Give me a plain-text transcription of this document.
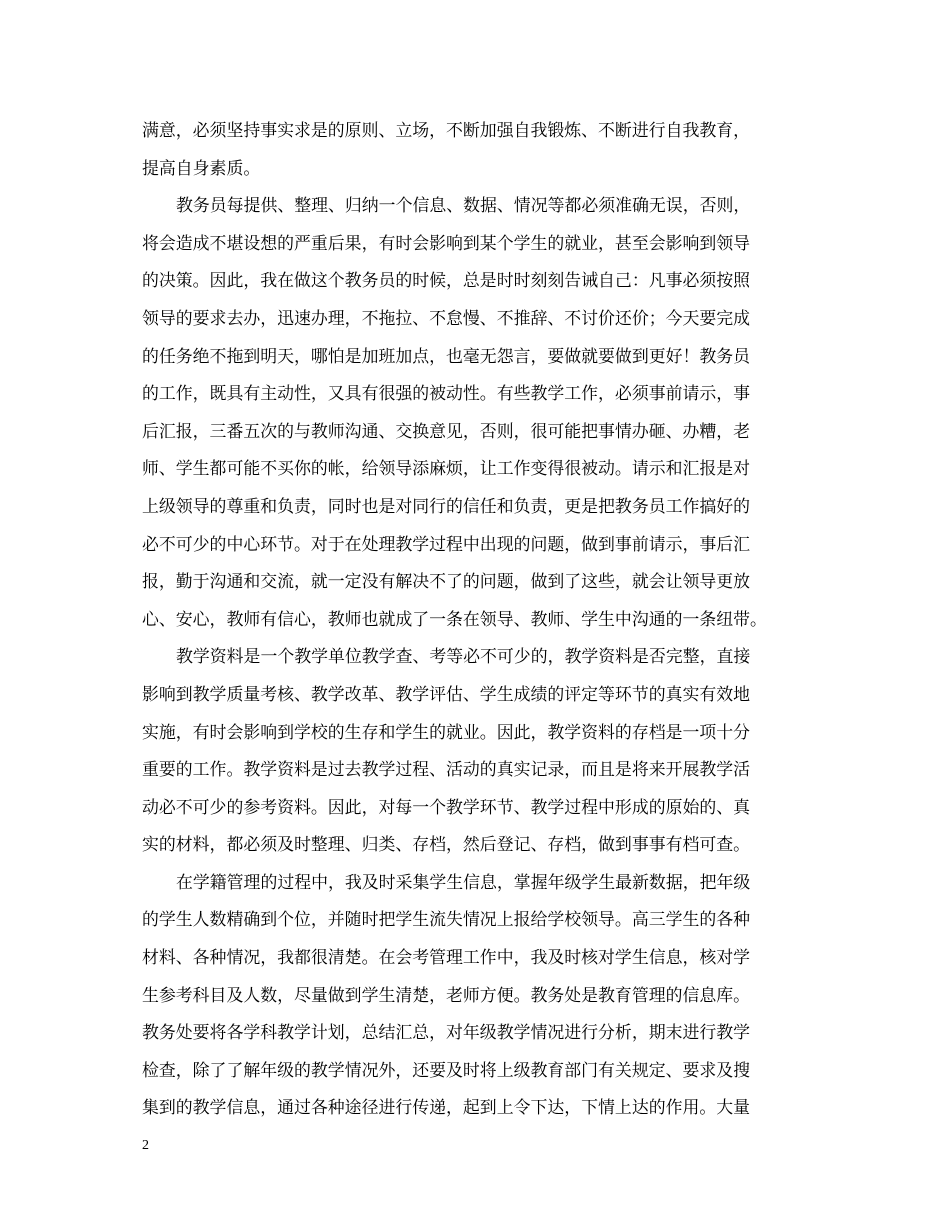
满意，必须坚持事实求是的原则、立场，不断加强自我锻炼、不断进行自我教育，
提高自身素质。
教务员每提供、整理、归纳一个信息、数据、情况等都必须准确无误，否则，
将会造成不堪设想的严重后果，有时会影响到某个学生的就业，甚至会影响到领导
的决策。因此，我在做这个教务员的时候，总是时时刻刻告诫自己：凡事必须按照
领导的要求去办，迅速办理，不拖拉、不怠慢、不推辞、不讨价还价；今天要完成
的任务绝不拖到明天，哪怕是加班加点，也毫无怨言，要做就要做到更好！教务员
的工作，既具有主动性，又具有很强的被动性。有些教学工作，必须事前请示，事
后汇报，三番五次的与教师沟通、交换意见，否则，很可能把事情办砸、办糟，老
师、学生都可能不买你的帐，给领导添麻烦，让工作变得很被动。请示和汇报是对
上级领导的尊重和负责，同时也是对同行的信任和负责，更是把教务员工作搞好的
必不可少的中心环节。对于在处理教学过程中出现的问题，做到事前请示，事后汇
报，勤于沟通和交流，就一定没有解决不了的问题，做到了这些，就会让领导更放
心、安心，教师有信心，教师也就成了一条在领导、教师、学生中沟通的一条纽带。
教学资料是一个教学单位教学查、考等必不可少的，教学资料是否完整，直接
影响到教学质量考核、教学改革、教学评估、学生成绩的评定等环节的真实有效地
实施，有时会影响到学校的生存和学生的就业。因此，教学资料的存档是一项十分
重要的工作。教学资料是过去教学过程、活动的真实记录，而且是将来开展教学活
动必不可少的参考资料。因此，对每一个教学环节、教学过程中形成的原始的、真
实的材料，都必须及时整理、归类、存档，然后登记、存档，做到事事有档可查。
在学籍管理的过程中，我及时采集学生信息，掌握年级学生最新数据，把年级
的学生人数精确到个位，并随时把学生流失情况上报给学校领导。高三学生的各种
材料、各种情况，我都很清楚。在会考管理工作中，我及时核对学生信息，核对学
生参考科目及人数，尽量做到学生清楚，老师方便。教务处是教育管理的信息库。
教务处要将各学科教学计划，总结汇总，对年级教学情况进行分析，期末进行教学
检查，除了了解年级的教学情况外，还要及时将上级教育部门有关规定、要求及搜
集到的教学信息，通过各种途径进行传递，起到上令下达，下情上达的作用。大量
2
